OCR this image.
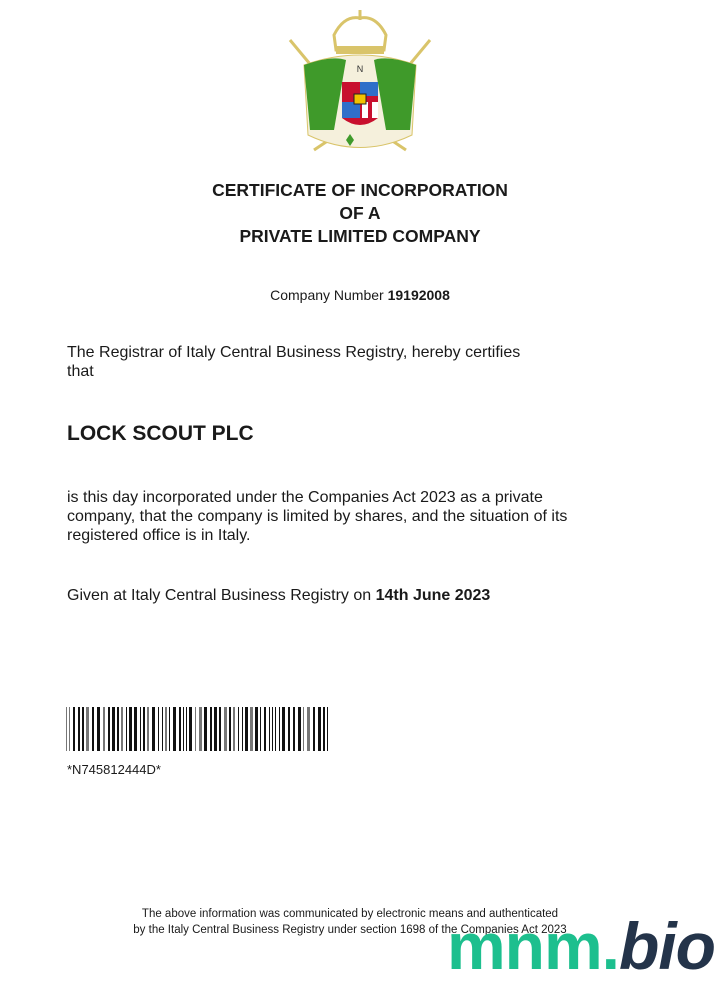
N
CERTIFICATE OF INCORPORATION
OF A
PRIVATE LIMITED COMPANY
Company Number 19192008
The Registrar of Italy Central Business Registry, hereby certifies
that
LOCK SCOUT PLC
is this day incorporated under the Companies Act 2023 as a private
company, that the company is limited by shares, and the situation of its
registered office is in Italy.
Given at Italy Central Business Registry on 14th June 2023
*N745812444D*
The above information was communicated by electronic means and authenticated
by the Italy Central Business Registry under section 1698 of the Companies Act 2023
mnm.bio
